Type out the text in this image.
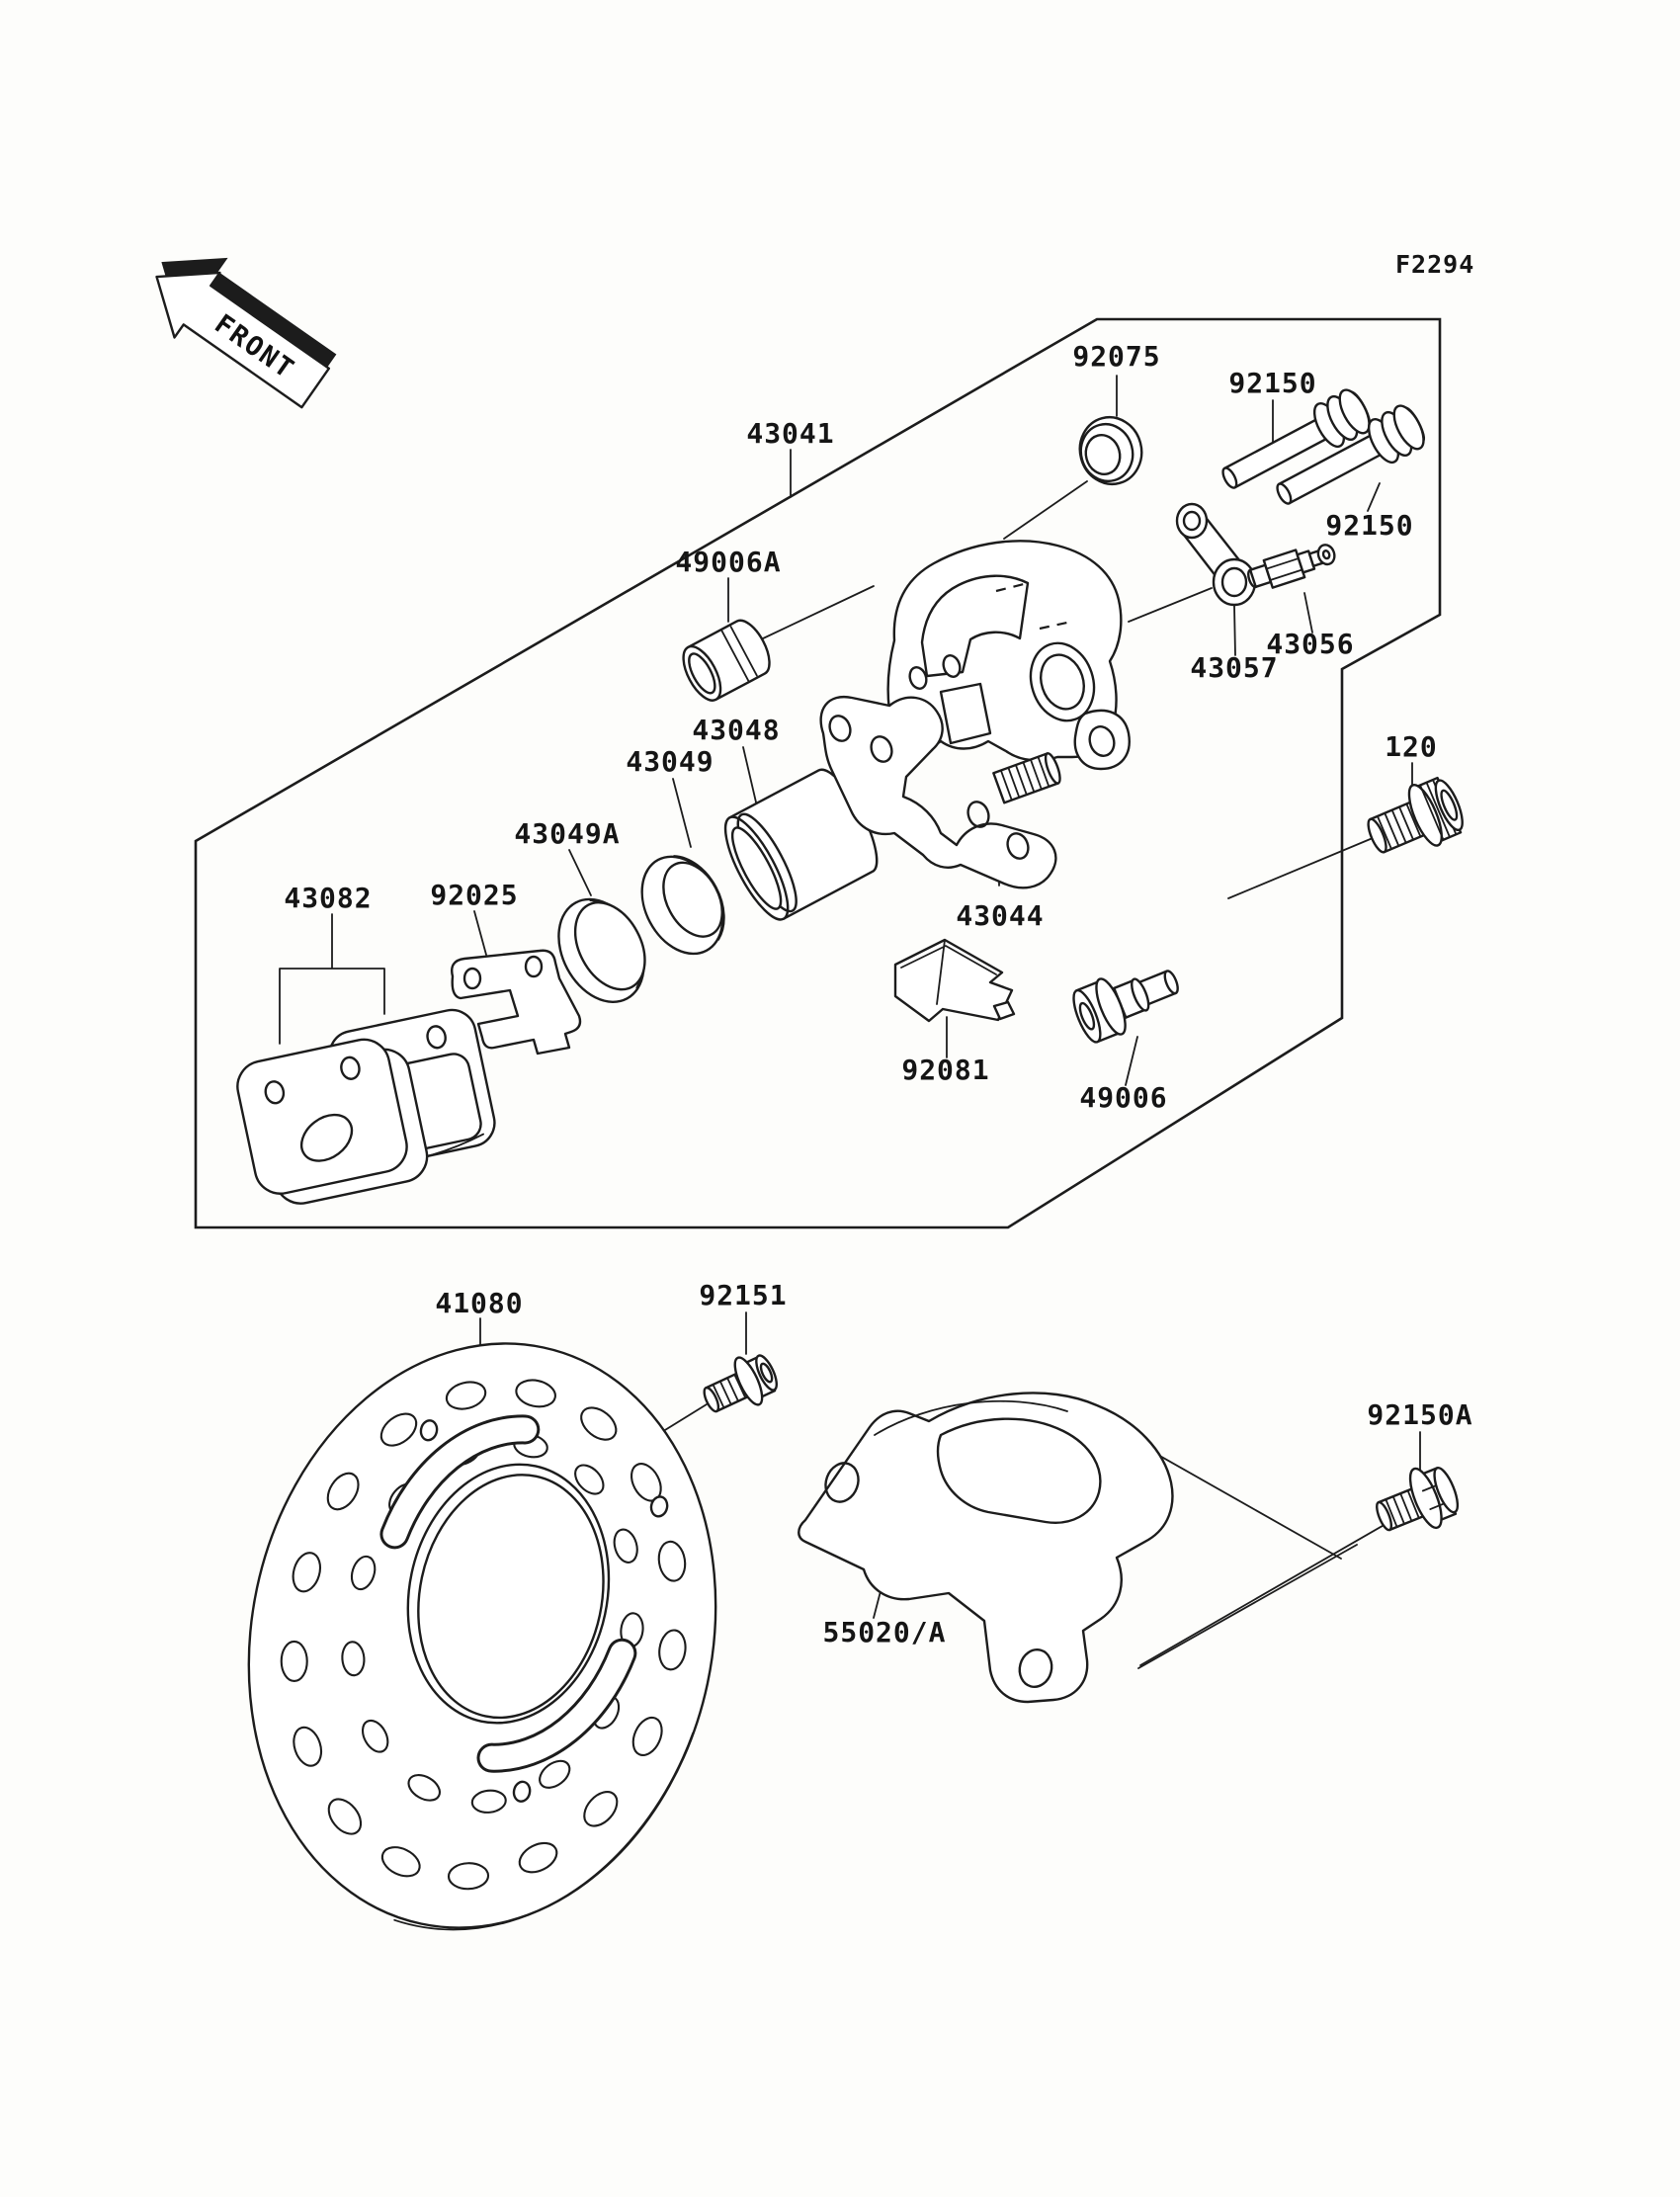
FRONT
F2294
43041
92075
92150
92150
49006A
43048
43049
43049A
43082 92025
43057
43056
120
43044
92081
49006
41080	92151
55020/A
92150A
